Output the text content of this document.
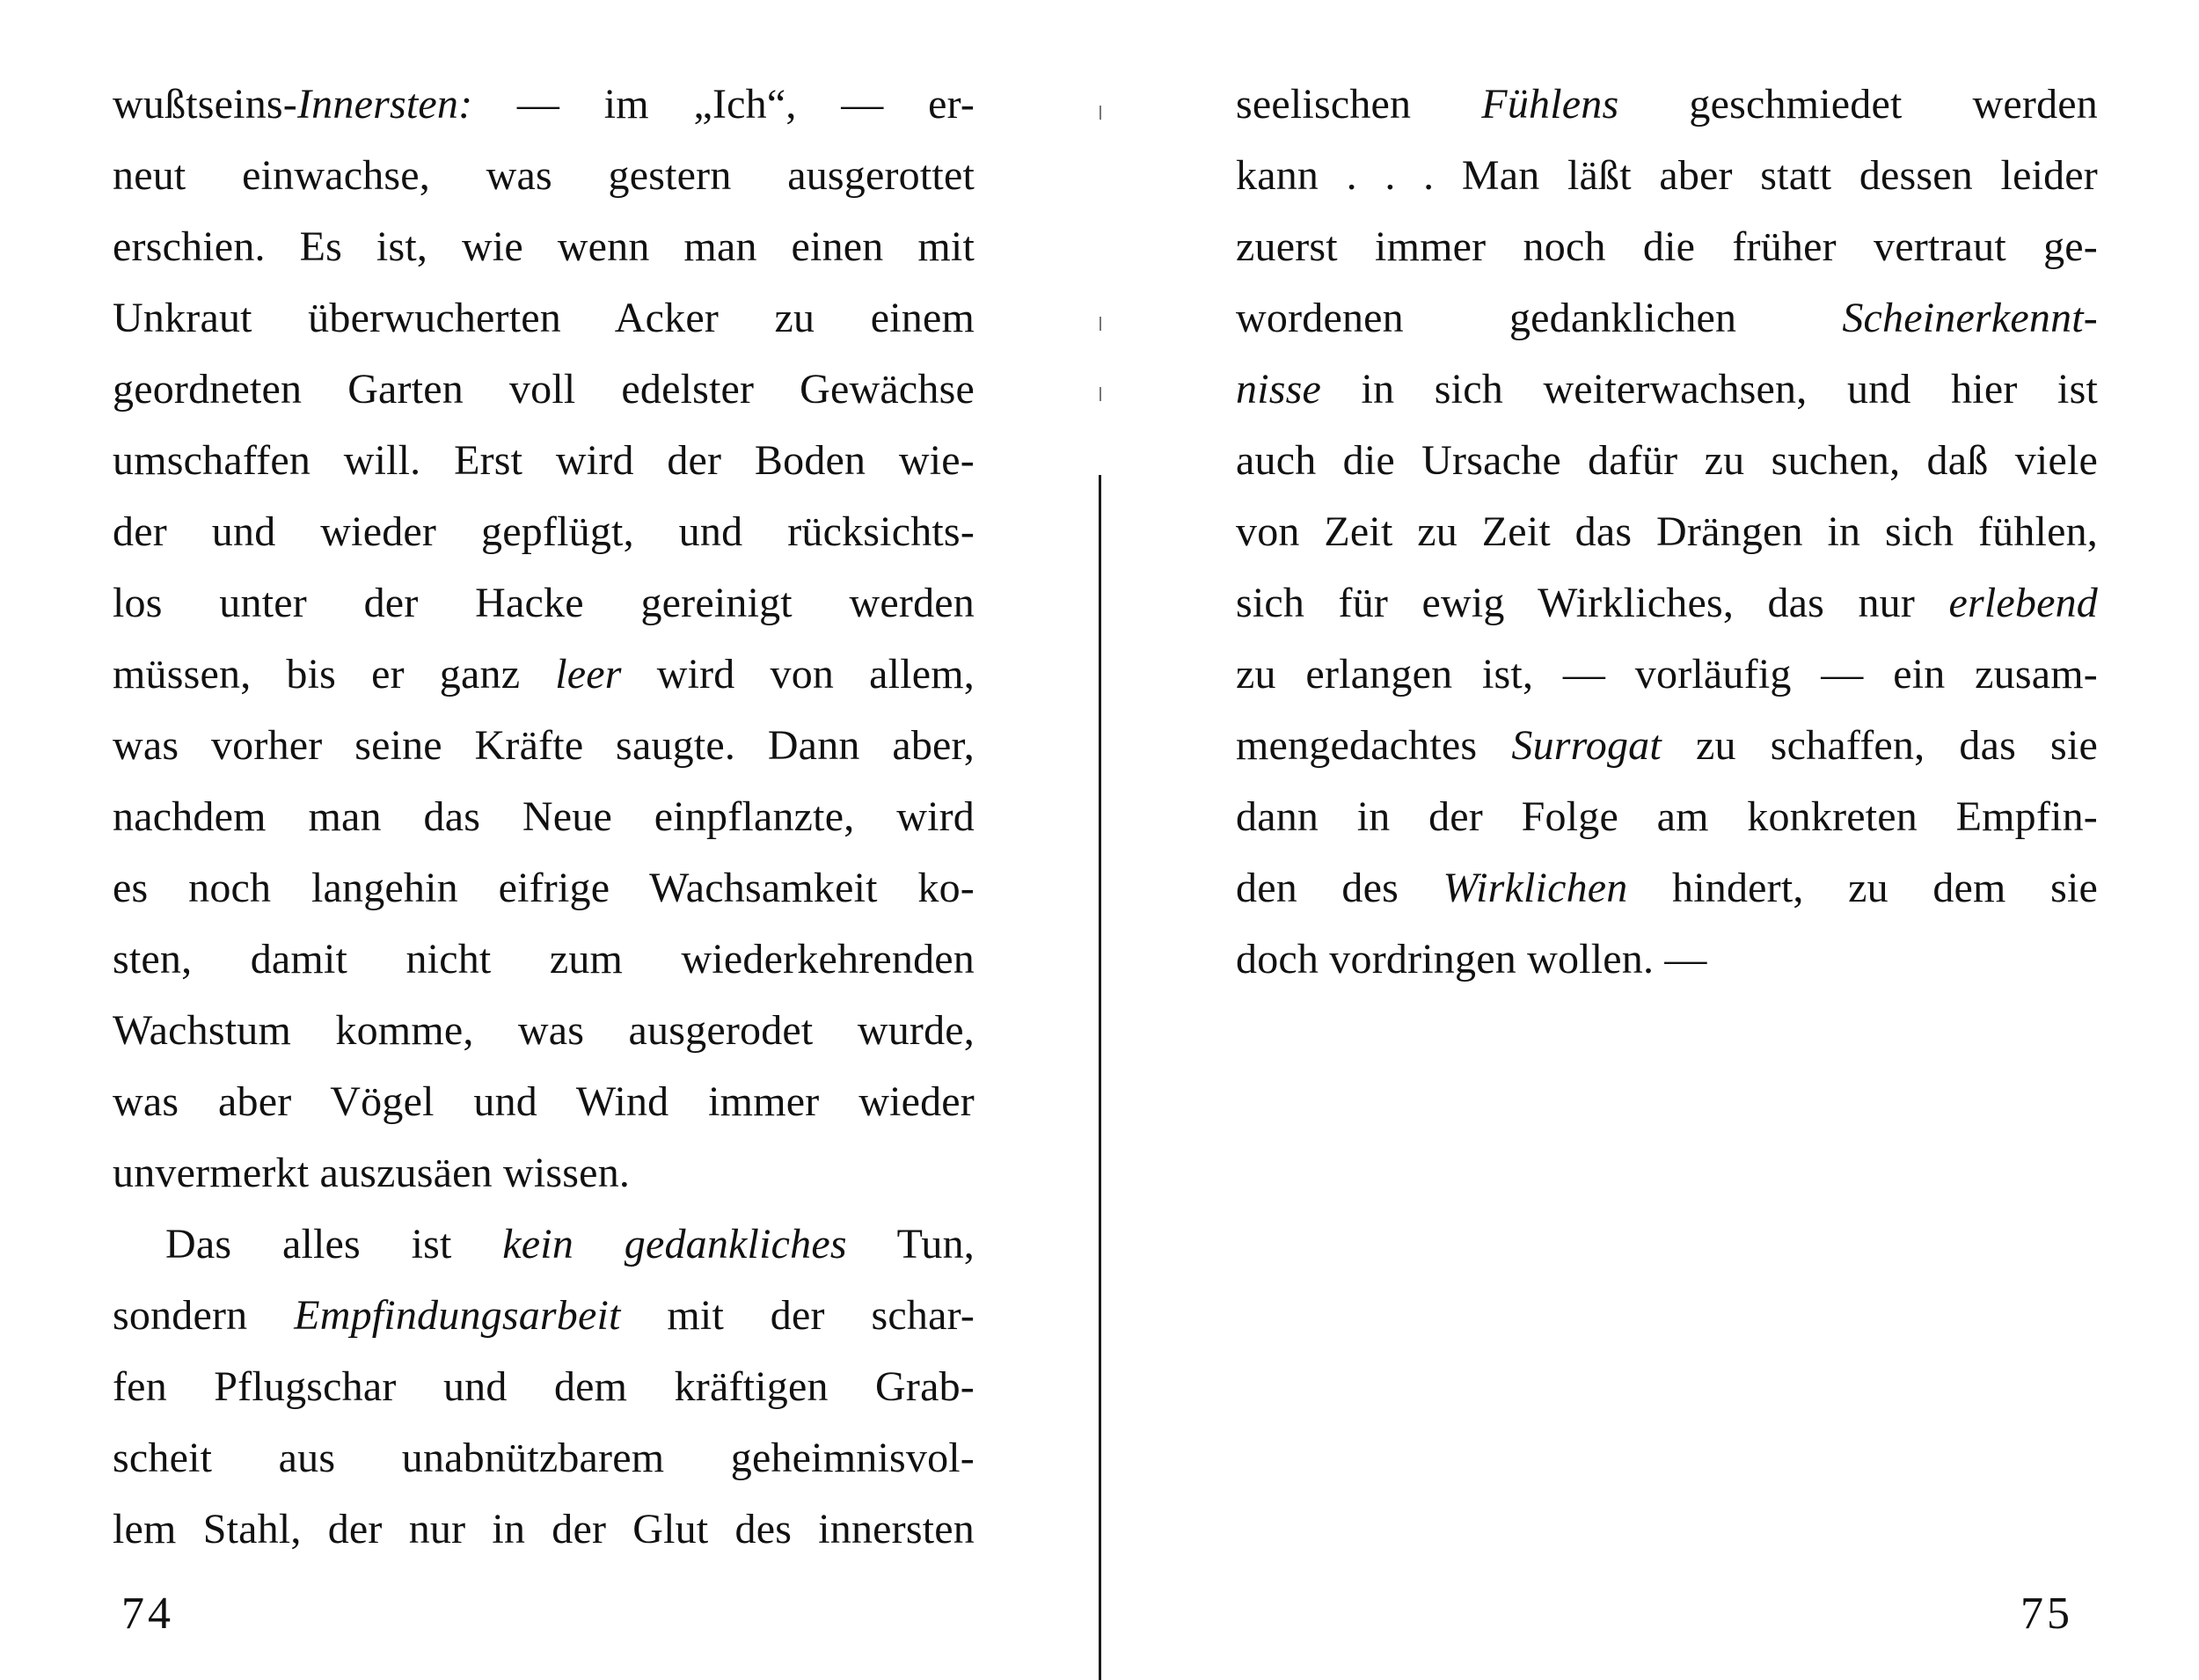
wußtseins-Innersten: — im „Ich“, — er-
neut einwachse, was gestern ausgerottet
erschien. Es ist, wie wenn man einen mit
Unkraut überwucherten Acker zu einem
geordneten Garten voll edelster Gewächse
umschaffen will. Erst wird der Boden wie-
der und wieder gepflügt, und rücksichts-
los unter der Hacke gereinigt werden
müssen, bis er ganz leer wird von allem,
was vorher seine Kräfte saugte. Dann aber,
nachdem man das Neue einpflanzte, wird
es noch langehin eifrige Wachsamkeit ko-
sten, damit nicht zum wiederkehrenden
Wachstum komme, was ausgerodet wurde,
was aber Vögel und Wind immer wieder
unvermerkt auszusäen wissen.
Das alles ist kein gedankliches Tun,
sondern Empfindungsarbeit mit der schar-
fen Pflugschar und dem kräftigen Grab-
scheit aus unabnützbarem geheimnisvol-
lem Stahl, der nur in der Glut des innersten
74
seelischen Fühlens geschmiedet werden
kann . . . Man läßt aber statt dessen leider
zuerst immer noch die früher vertraut ge-
wordenen gedanklichen Scheinerkennt-
nisse in sich weiterwachsen, und hier ist
auch die Ursache dafür zu suchen, daß viele
von Zeit zu Zeit das Drängen in sich fühlen,
sich für ewig Wirkliches, das nur erlebend
zu erlangen ist, — vorläufig — ein zusam-
mengedachtes Surrogat zu schaffen, das sie
dann in der Folge am konkreten Empfin-
den des Wirklichen hindert, zu dem sie
doch vordringen wollen. —
75
